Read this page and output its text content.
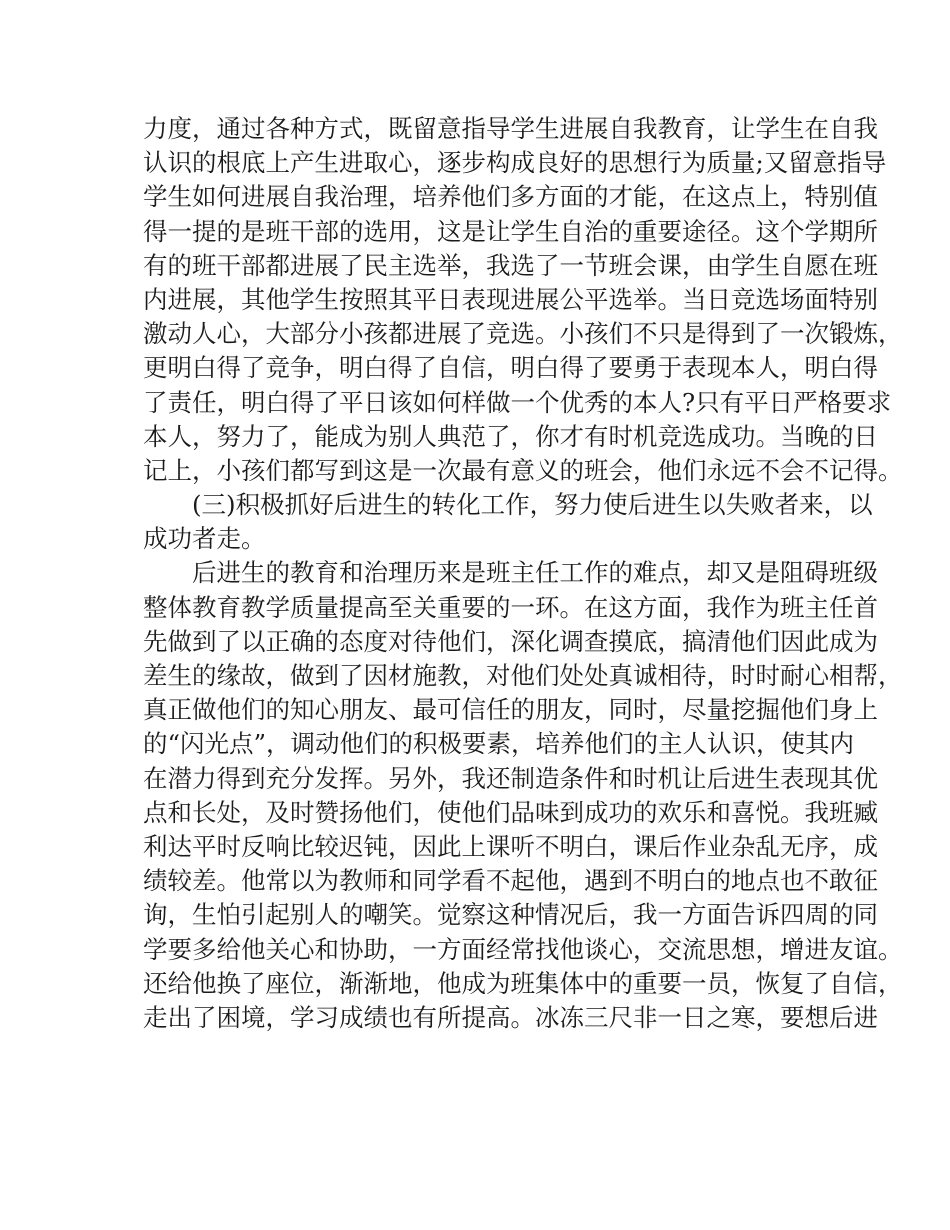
力度，通过各种方式，既留意指导学生进展自我教育，让学生在自我
认识的根底上产生进取心，逐步构成良好的思想行为质量;又留意指导
学生如何进展自我治理，培养他们多方面的才能，在这点上，特别值
得一提的是班干部的选用，这是让学生自治的重要途径。这个学期所
有的班干部都进展了民主选举，我选了一节班会课，由学生自愿在班
内进展，其他学生按照其平日表现进展公平选举。当日竞选场面特别
激动人心，大部分小孩都进展了竞选。小孩们不只是得到了一次锻炼，
更明白得了竞争，明白得了自信，明白得了要勇于表现本人，明白得
了责任，明白得了平日该如何样做一个优秀的本人?只有平日严格要求
本人，努力了，能成为别人典范了，你才有时机竞选成功。当晚的日
记上，小孩们都写到这是一次最有意义的班会，他们永远不会不记得。
　　(三)积极抓好后进生的转化工作，努力使后进生以失败者来，以
成功者走。
　　后进生的教育和治理历来是班主任工作的难点，却又是阻碍班级
整体教育教学质量提高至关重要的一环。在这方面，我作为班主任首
先做到了以正确的态度对待他们，深化调查摸底，搞清他们因此成为
差生的缘故，做到了因材施教，对他们处处真诚相待，时时耐心相帮，
真正做他们的知心朋友、最可信任的朋友，同时，尽量挖掘他们身上
的“闪光点”，调动他们的积极要素，培养他们的主人认识，使其内
在潜力得到充分发挥。另外，我还制造条件和时机让后进生表现其优
点和长处，及时赞扬他们，使他们品味到成功的欢乐和喜悦。我班臧
利达平时反响比较迟钝，因此上课听不明白，课后作业杂乱无序，成
绩较差。他常以为教师和同学看不起他，遇到不明白的地点也不敢征
询，生怕引起别人的嘲笑。觉察这种情况后，我一方面告诉四周的同
学要多给他关心和协助，一方面经常找他谈心，交流思想，增进友谊。
还给他换了座位，渐渐地，他成为班集体中的重要一员，恢复了自信，
走出了困境，学习成绩也有所提高。冰冻三尺非一日之寒，要想后进
